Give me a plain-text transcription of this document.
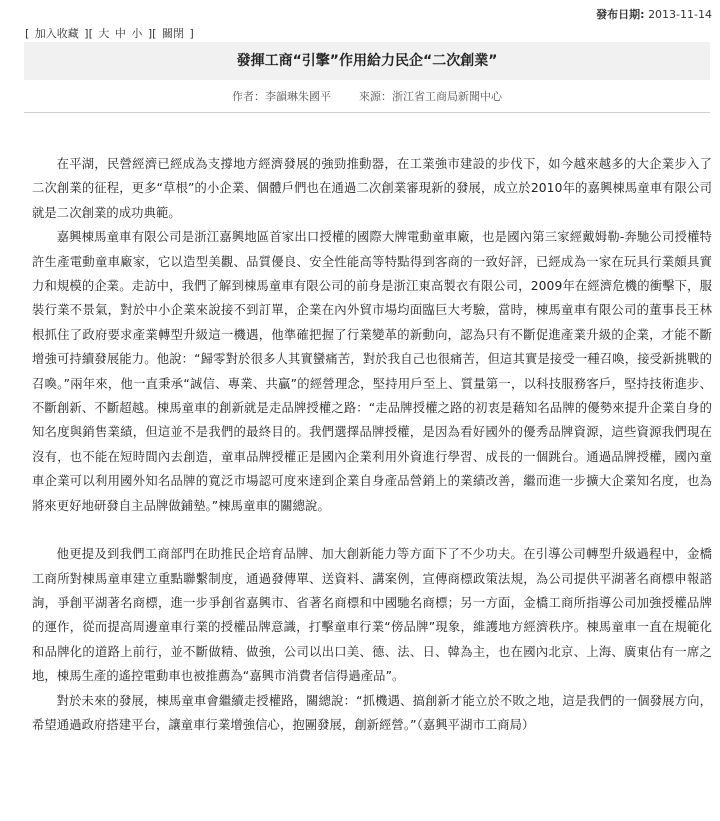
發布日期: 2013-11-14
[ 加入收藏 ][ 大 中 小 ][ 關閉 ]
發揮工商“引擎”作用給力民企“二次創業”
作者：李韻琳朱國平	來源：浙江省工商局新聞中心

在平湖，民營經濟已經成為支撐地方經濟發展的強勁推動器，在工業強市建設的步伐下，如今越來越多的大企業步入了二次創業的征程，更多“草根”的小企業、個體戶們也在通過二次創業審現新的發展，成立於2010年的嘉興棟馬童車有限公司就是二次創業的成功典範。

嘉興棟馬童車有限公司是浙江嘉興地區首家出口授權的國際大牌電動童車廠，也是國內第三家經戴姆勒-奔馳公司授權特許生產電動童車廠家，它以造型美觀、品質優良、安全性能高等特點得到客商的一致好評，已經成為一家在玩具行業頗具實力和規模的企業。走訪中，我們了解到棟馬童車有限公司的前身是浙江東高製衣有限公司，2009年在經濟危機的衝擊下，服裝行業不景氣，對於中小企業來說接不到訂單，企業在內外貿市場均面臨巨大考驗，當時，棟馬童車有限公司的董事長王林根抓住了政府要求產業轉型升級這一機遇，他準確把握了行業變革的新動向，認為只有不斷促進產業升級的企業，才能不斷增強可持續發展能力。他說：“歸零對於很多人其實蠻痛苦，對於我自己也很痛苦，但這其實是接受一種召喚，接受新挑戰的召喚。”兩年來，他一直秉承“誠信、專業、共贏”的經營理念，堅持用戶至上、質量第一，以科技服務客戶，堅持技術進步、不斷創新、不斷超越。棟馬童車的創新就是走品牌授權之路：“走品牌授權之路的初衷是藉知名品牌的優勢來提升企業自身的知名度與銷售業績，但這並不是我們的最終目的。我們選擇品牌授權，是因為看好國外的優秀品牌資源，這些資源我們現在沒有，也不能在短時間內去創造，童車品牌授權正是國內企業利用外資進行學習、成長的一個跳台。通過品牌授權，國內童車企業可以利用國外知名品牌的寬泛市場認可度來達到企業自身產品營銷上的業績改善，繼而進一步擴大企業知名度，也為將來更好地研發自主品牌做鋪墊。”棟馬童車的關總說。

他更提及到我們工商部門在助推民企培育品牌、加大創新能力等方面下了不少功夫。在引導公司轉型升級過程中，金橋工商所對棟馬童車建立重點聯繫制度，通過發傳單、送資料、講案例，宣傳商標政策法規，為公司提供平湖著名商標申報諮詢，爭創平湖著名商標，進一步爭創省嘉興市、省著名商標和中國馳名商標；另一方面，金橋工商所指導公司加強授權品牌的運作，從而提高周邊童車行業的授權品牌意識，打擊童車行業“傍品牌”現象，維護地方經濟秩序。棟馬童車一直在規範化和品牌化的道路上前行，並不斷做精、做強，公司以出口美、德、法、日、韓為主，也在國內北京、上海、廣東佔有一席之地，棟馬生產的遙控電動車也被推薦為“嘉興市消費者信得過產品”。

對於未來的發展，棟馬童車會繼續走授權路，關總說：“抓機遇、搞創新才能立於不敗之地，這是我們的一個發展方向，希望通過政府搭建平台，讓童車行業增強信心，抱團發展，創新經營。”（嘉興平湖市工商局）
